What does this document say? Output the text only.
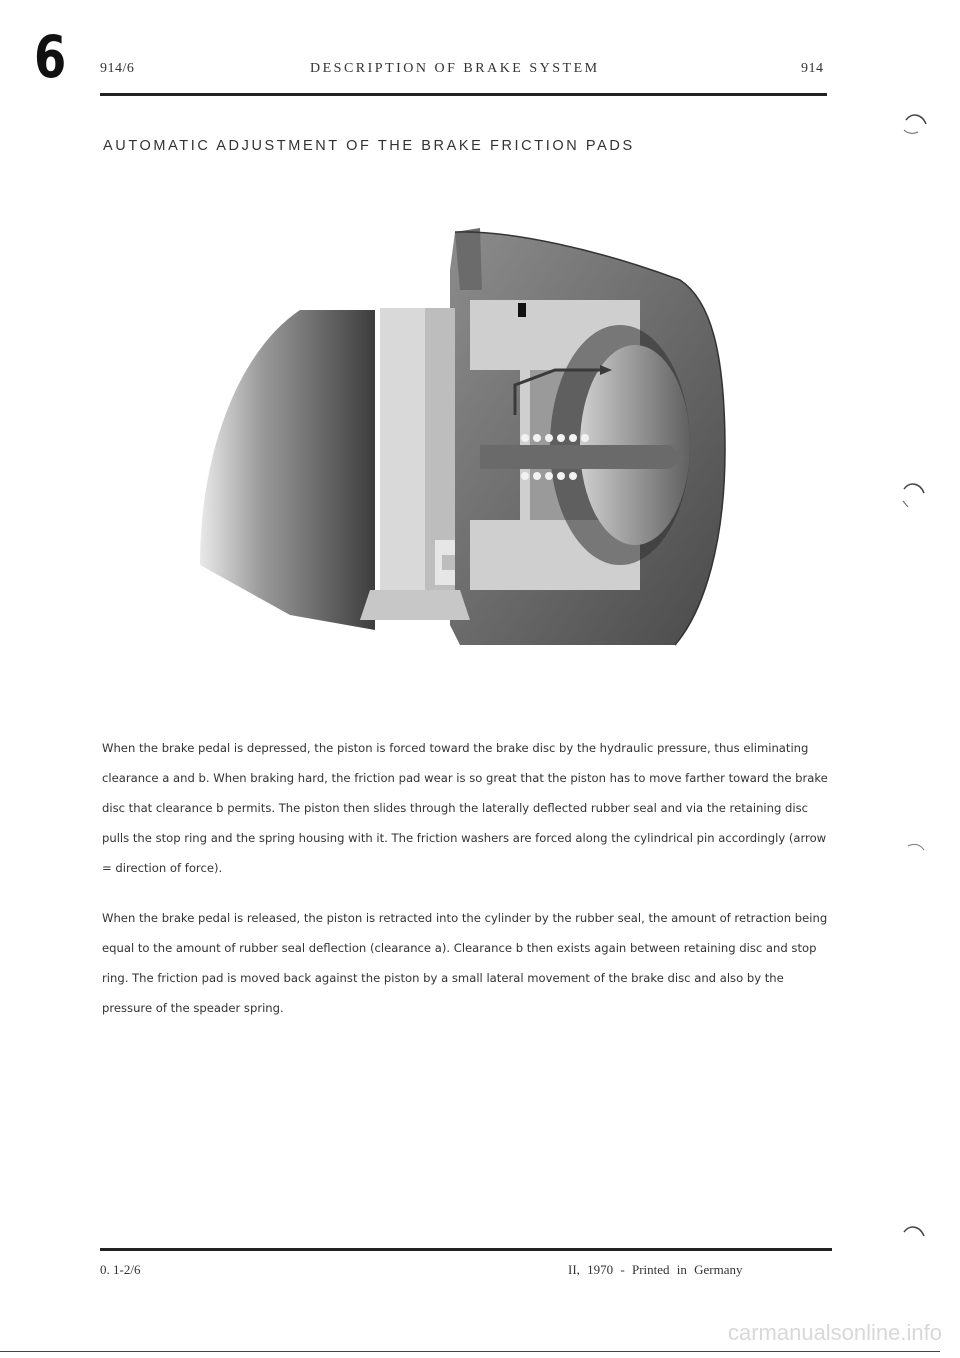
6 914/6	DESCRIPTION OF BRAKE SYSTEM	914
AUTOMATIC ADJUSTMENT OF THE BRAKE FRICTION PADS

When the brake pedal is depressed, the piston is forced toward the brake disc by the hydraulic pressure, thus eliminating clearance a and b. When braking hard, the friction pad wear is so great that the piston has to move farther toward the brake disc that clearance b permits. The piston then slides through the laterally deflected rubber seal and via the retaining disc pulls the stop ring and the spring housing with it. The friction washers are forced along the cylindrical pin accordingly (arrow = direction of force).

When the brake pedal is released, the piston is retracted into the cylinder by the rubber seal, the amount of retraction being equal to the amount of rubber seal deflection (clearance a). Clearance b then exists again between retaining disc and stop ring. The friction pad is moved back against the piston by a small lateral movement of the brake disc and also by the pressure of the speader spring.

0. 1-2/6	II, 1970 - Printed in Germany
carmanualsonline.info
